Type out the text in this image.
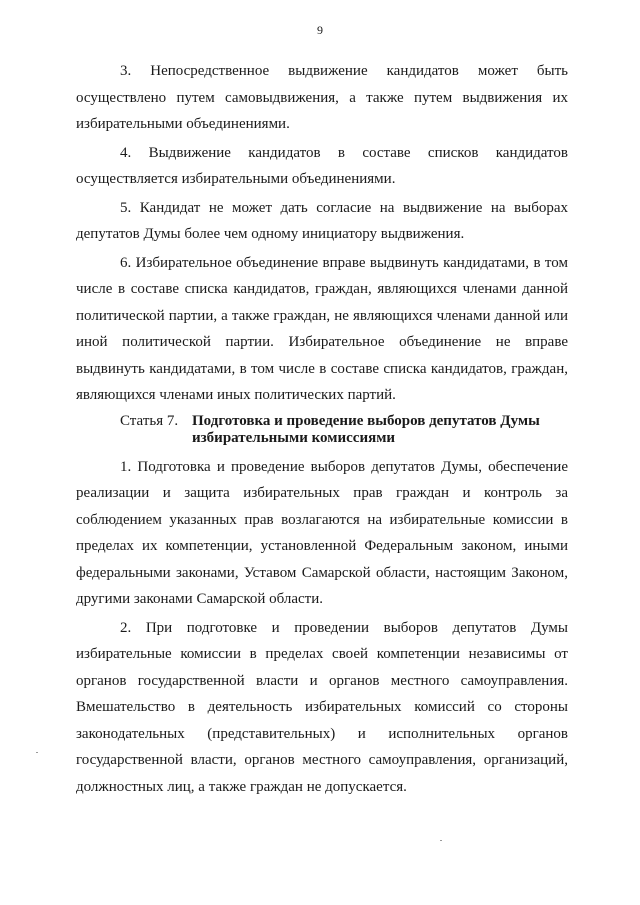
9

3. Непосредственное выдвижение кандидатов может быть осуществлено путем самовыдвижения, а также путем выдвижения их избирательными объединениями.

4. Выдвижение кандидатов в составе списков кандидатов осуществляется избирательными объединениями.

5. Кандидат не может дать согласие на выдвижение на выборах депутатов Думы более чем одному инициатору выдвижения.

6. Избирательное объединение вправе выдвинуть кандидатами, в том числе в составе списка кандидатов, граждан, являющихся членами данной политической партии, а также граждан, не являющихся членами данной или иной политической партии. Избирательное объединение не вправе выдвинуть кандидатами, в том числе в составе списка кандидатов, граждан, являющихся членами иных политических партий.

Статья 7. Подготовка и проведение выборов депутатов Думы избирательными комиссиями

1. Подготовка и проведение выборов депутатов Думы, обеспечение реализации и защита избирательных прав граждан и контроль за соблюдением указанных прав возлагаются на избирательные комиссии в пределах их компетенции, установленной Федеральным законом, иными федеральными законами, Уставом Самарской области, настоящим Законом, другими законами Самарской области.

2. При подготовке и проведении выборов депутатов Думы избирательные комиссии в пределах своей компетенции независимы от органов государственной власти и органов местного самоуправления. Вмешательство в деятельность избирательных комиссий со стороны законодательных (представительных) и исполнительных органов государственной власти, органов местного самоуправления, организаций, должностных лиц, а также граждан не допускается.
